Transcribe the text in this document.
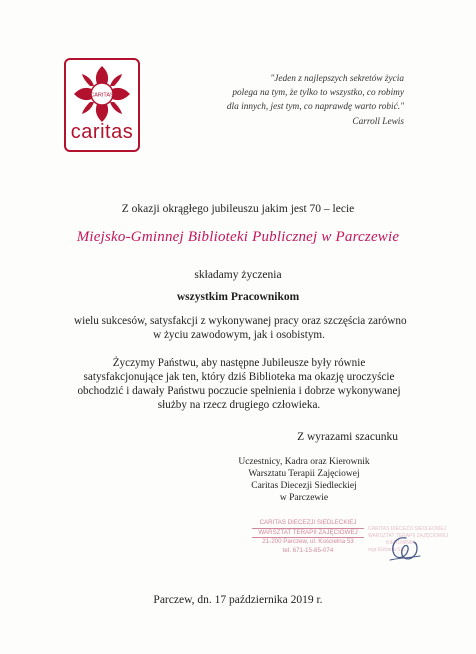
CARITAS
caritas
"Jeden z najlepszych sekretów życia
polega na tym, że tylko to wszystko, co robimy
dla innych, jest tym, co naprawdę warto robić."
Carroll Lewis
Z okazji okrągłego jubileuszu jakim jest 70 – lecie
Miejsko-Gminnej Biblioteki Publicznej w Parczewie
składamy życzenia
wszystkim Pracownikom
wielu sukcesów, satysfakcji z wykonywanej pracy oraz szczęścia zarówno
w życiu zawodowym, jak i osobistym.
Życzymy Państwu, aby następne Jubileusze były równie
satysfakcjonujące jak ten, który dziś Biblioteka ma okazję uroczyście
obchodzić i dawały Państwu poczucie spełnienia i dobrze wykonywanej
służby na rzecz drugiego człowieka.
Z wyrazami szacunku
Uczestnicy, Kadra oraz Kierownik
Warsztatu Terapii Zajęciowej
Caritas Diecezji Siedleckiej
w Parczewie
CARITAS DIECEZJI SIEDLECKIEJ
WARSZTAT TERAPII ZAJĘCIOWEJ
21-200 Parczew, ul. Kościelna 53
tel. 671-15-85-074
CARITAS DIECEZJI SIEDLECKIEJ
WARSZTAT TERAPII ZAJĘCIOWEJ
KIEROWNIK
mgr Elżbieta Sta...
Parczew, dn. 17 października 2019 r.
